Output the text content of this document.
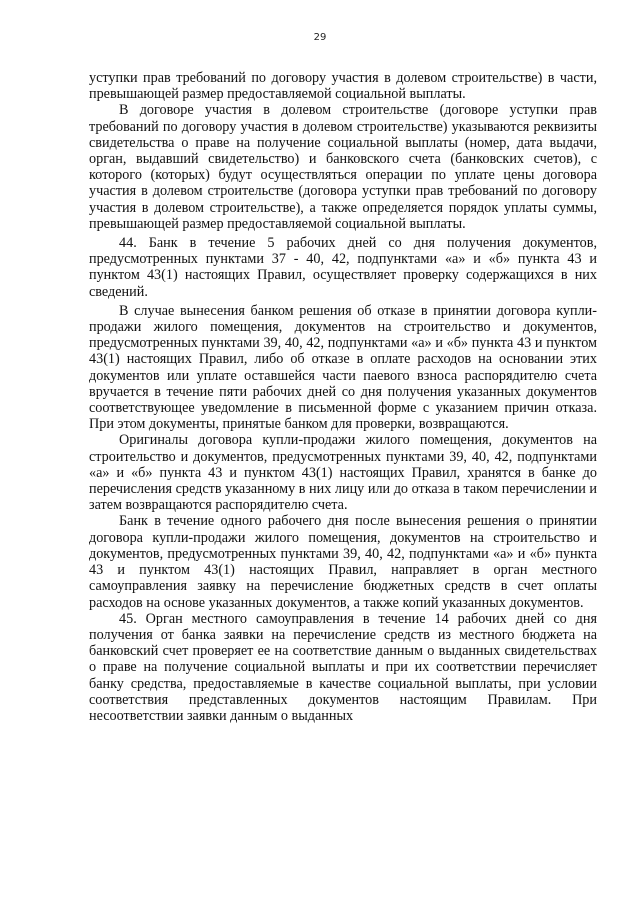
29

уступки прав требований по договору участия в долевом строительстве) в части, превышающей размер предоставляемой социальной выплаты.

В договоре участия в долевом строительстве (договоре уступки прав требований по договору участия в долевом строительстве) указываются реквизиты свидетельства о праве на получение социальной выплаты (номер, дата выдачи, орган, выдавший свидетельство) и банковского счета (банковских счетов), с которого (которых) будут осуществляться операции по уплате цены договора участия в долевом строительстве (договора уступки прав требований по договору участия в долевом строительстве), а также определяется порядок уплаты суммы, превышающей размер предоставляемой социальной выплаты.

44. Банк в течение 5 рабочих дней со дня получения документов, предусмотренных пунктами 37 - 40, 42, подпунктами «а» и «б» пункта 43 и пунктом 43(1) настоящих Правил, осуществляет проверку содержащихся в них сведений.

В случае вынесения банком решения об отказе в принятии договора купли-продажи жилого помещения, документов на строительство и документов, предусмотренных пунктами 39, 40, 42, подпунктами «а» и «б» пункта 43 и пунктом 43(1) настоящих Правил, либо об отказе в оплате расходов на основании этих документов или уплате оставшейся части паевого взноса распорядителю счета вручается в течение пяти рабочих дней со дня получения указанных документов соответствующее уведомление в письменной форме с указанием причин отказа. При этом документы, принятые банком для проверки, возвращаются.

Оригиналы договора купли-продажи жилого помещения, документов на строительство и документов, предусмотренных пунктами 39, 40, 42, подпунктами «а» и «б» пункта 43 и пунктом 43(1) настоящих Правил, хранятся в банке до перечисления средств указанному в них лицу или до отказа в таком перечислении и затем возвращаются распорядителю счета.

Банк в течение одного рабочего дня после вынесения решения о принятии договора купли-продажи жилого помещения, документов на строительство и документов, предусмотренных пунктами 39, 40, 42, подпунктами «а» и «б» пункта 43 и пунктом 43(1) настоящих Правил, направляет в орган местного самоуправления заявку на перечисление бюджетных средств в счет оплаты расходов на основе указанных документов, а также копий указанных документов.

45. Орган местного самоуправления в течение 14 рабочих дней со дня получения от банка заявки на перечисление средств из местного бюджета на банковский счет проверяет ее на соответствие данным о выданных свидетельствах о праве на получение социальной выплаты и при их соответствии перечисляет банку средства, предоставляемые в качестве социальной выплаты, при условии соответствия представленных документов настоящим Правилам. При несоответствии заявки данным о выданных
